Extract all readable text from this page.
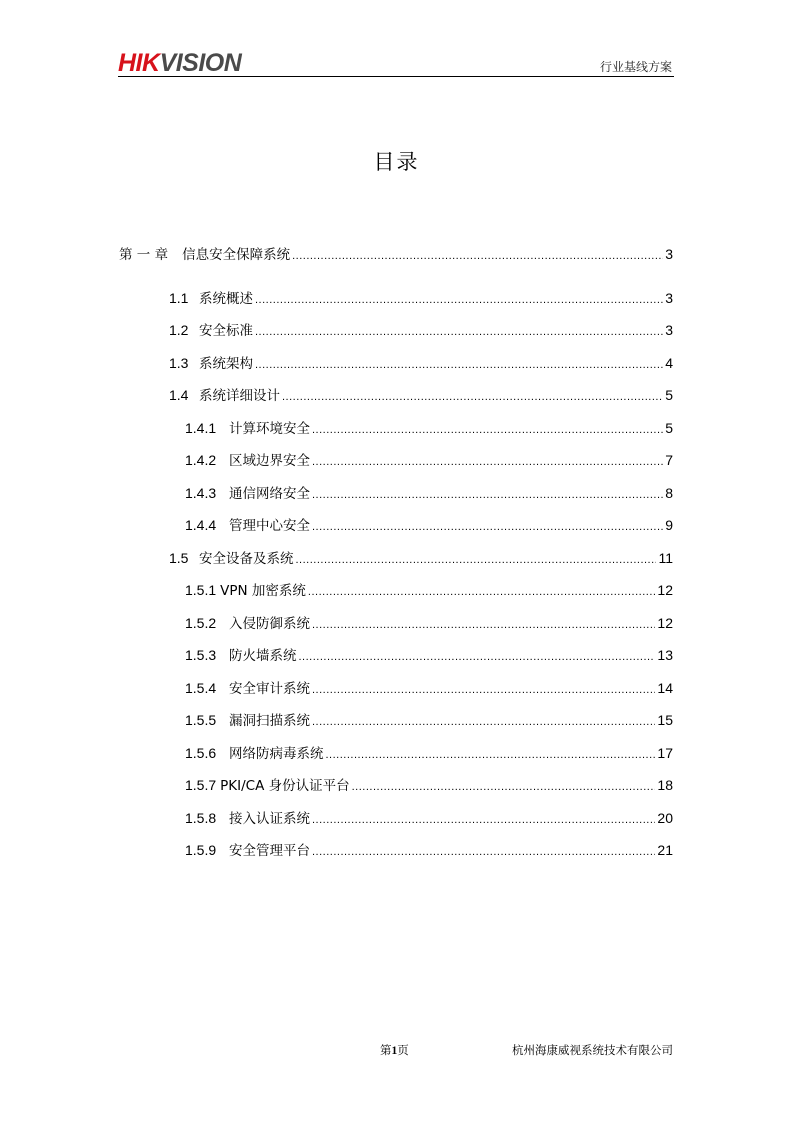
HIKVISION	行业基线方案
目录
第 一 章 信息安全保障系统 .....	3
1.1 系统概述 .....	3
1.2 安全标准 .....	3
1.3 系统架构 .....	4
1.4 系统详细设计 .....	5
1.4.1 计算环境安全 .....	5
1.4.2 区域边界安全 .....	7
1.4.3 通信网络安全 .....	8
1.4.4 管理中心安全 .....	9
1.5 安全设备及系统 .....	11
1.5.1 VPN 加密系统 .....	12
1.5.2 入侵防御系统 .....	12
1.5.3 防火墙系统 .....	13
1.5.4 安全审计系统 .....	14
1.5.5 漏洞扫描系统 .....	15
1.5.6 网络防病毒系统 .....	17
1.5.7 PKI/CA 身份认证平台 .....	18
1.5.8 接入认证系统 .....	20
1.5.9 安全管理平台 .....	21
第1页	杭州海康威视系统技术有限公司
